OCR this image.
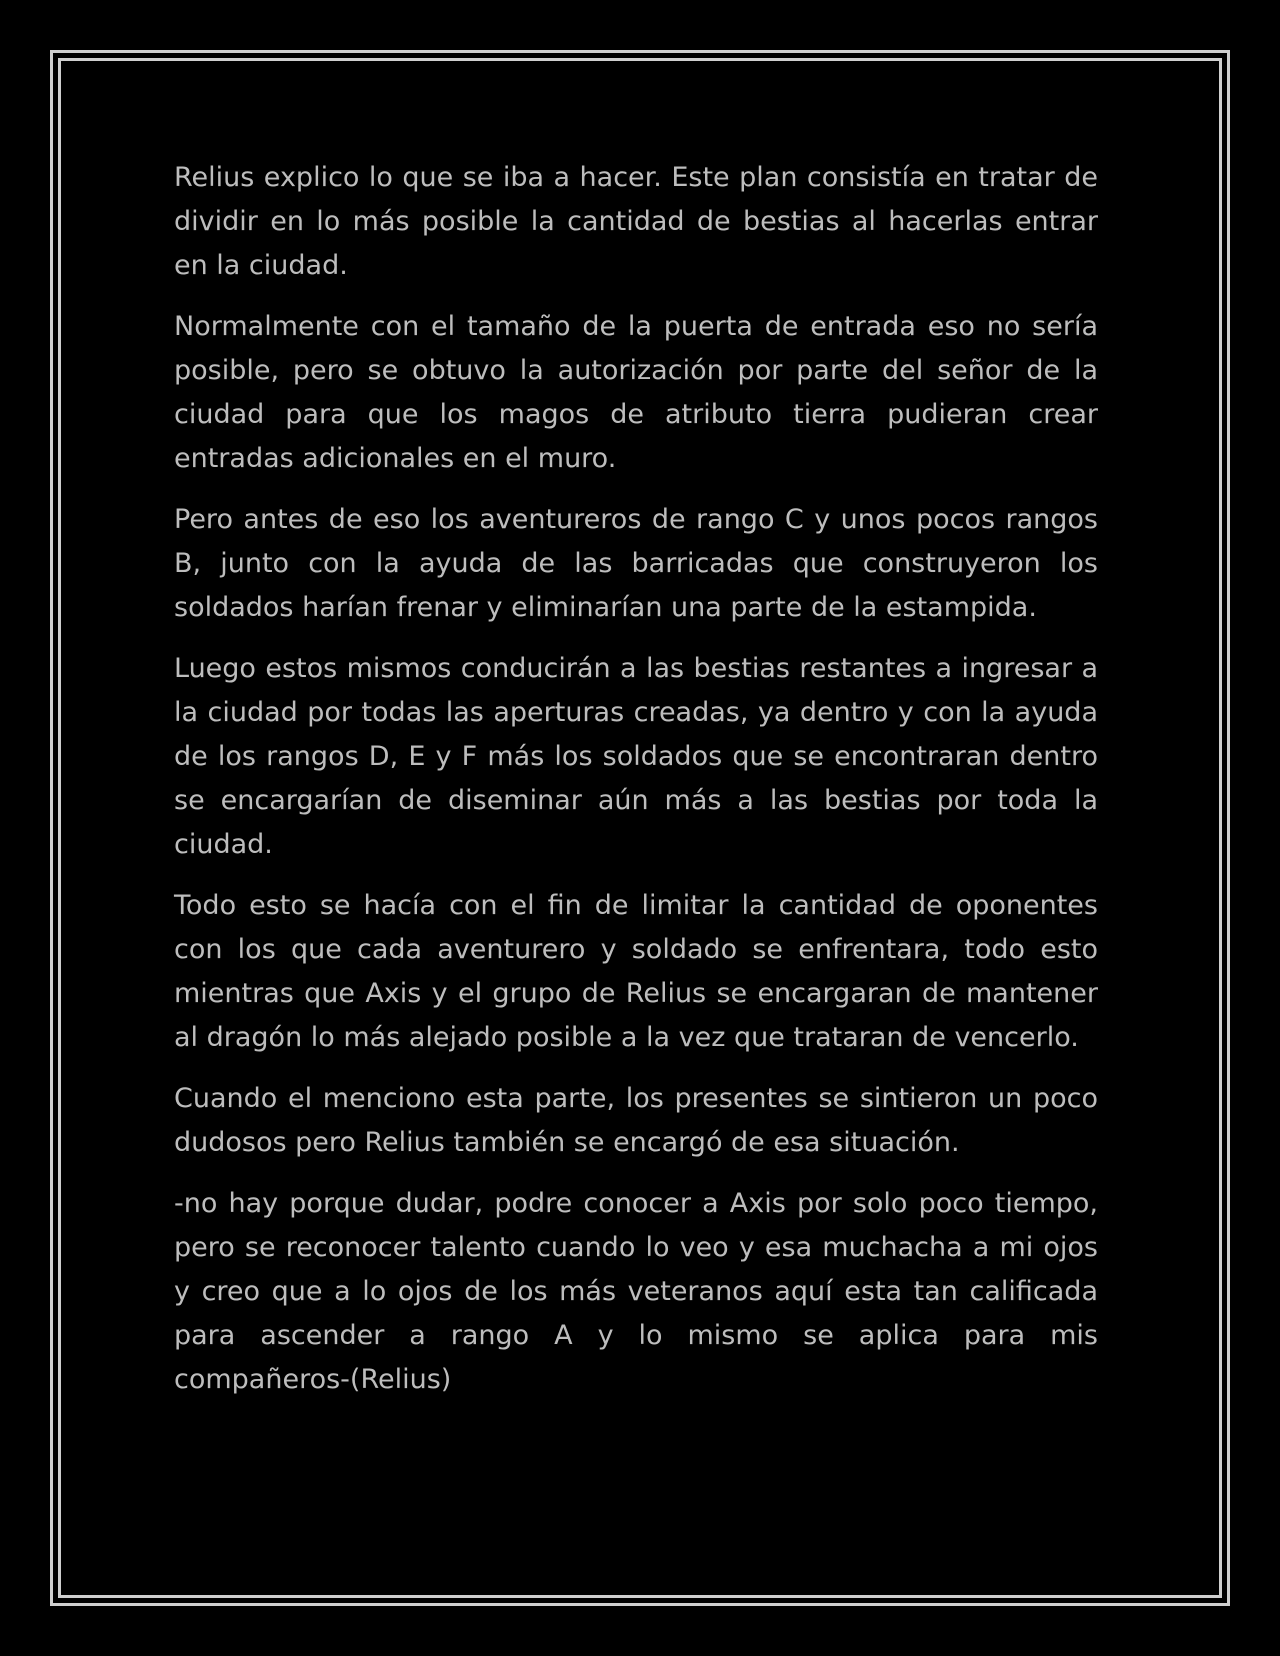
Relius explico lo que se iba a hacer. Este plan consistía en tratar de dividir en lo más posible la cantidad de bestias al hacerlas entrar en la ciudad.

Normalmente con el tamaño de la puerta de entrada eso no sería posible, pero se obtuvo la autorización por parte del señor de la ciudad para que los magos de atributo tierra pudieran crear entradas adicionales en el muro.

Pero antes de eso los aventureros de rango C y unos pocos rangos B, junto con la ayuda de las barricadas que construyeron los soldados harían frenar y eliminarían una parte de la estampida.

Luego estos mismos conducirán a las bestias restantes a ingresar a la ciudad por todas las aperturas creadas, ya dentro y con la ayuda de los rangos D, E y F más los soldados que se encontraran dentro se encargarían de diseminar aún más a las bestias por toda la ciudad.

Todo esto se hacía con el fin de limitar la cantidad de oponentes con los que cada aventurero y soldado se enfrentara, todo esto mientras que Axis y el grupo de Relius se encargaran de mantener al dragón lo más alejado posible a la vez que trataran de vencerlo.

Cuando el menciono esta parte, los presentes se sintieron un poco dudosos pero Relius también se encargó de esa situación.

-no hay porque dudar, podre conocer a Axis por solo poco tiempo, pero se reconocer talento cuando lo veo y esa muchacha a mi ojos y creo que a lo ojos de los más veteranos aquí esta tan calificada para ascender a rango A y lo mismo se aplica para mis compañeros-(Relius)
